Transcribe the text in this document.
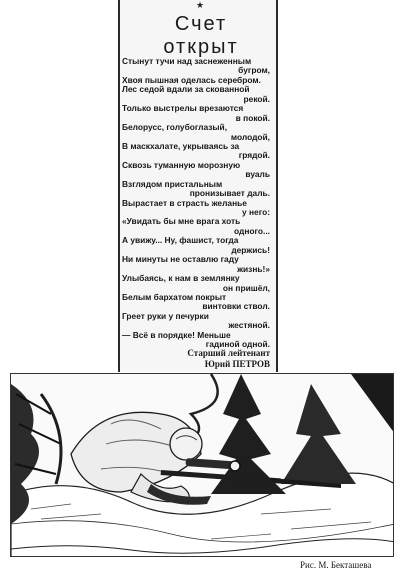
★
Счет
открыт
Стынут тучи над заснеженным
бугром,
Хвоя пышная оделась серебром.
Лес седой вдали за скованной
рекой.
Только выстрелы врезаются
в покой.
Белорусс, голубоглазый,
молодой,
В маскхалате, укрываясь за
грядой.
Сквозь туманную морозную
вуаль
Взглядом пристальным
пронизывает даль.
Вырастает в страсть желанье
у него:
«Увидать бы мне врага хоть
одного...
А увижу... Ну, фашист, тогда
держись!
Ни минуты не оставлю гаду
жизнь!»
Улыбаясь, к нам в землянку
он пришёл,
Белым бархатом покрыт
винтовки ствол.
Греет руки у печурки
жестяной.
— Всё в порядке! Меньше
гадиной одной.
Старший лейтенант
Юрий ПЕТРОВ
Рис. М. Бекташева
